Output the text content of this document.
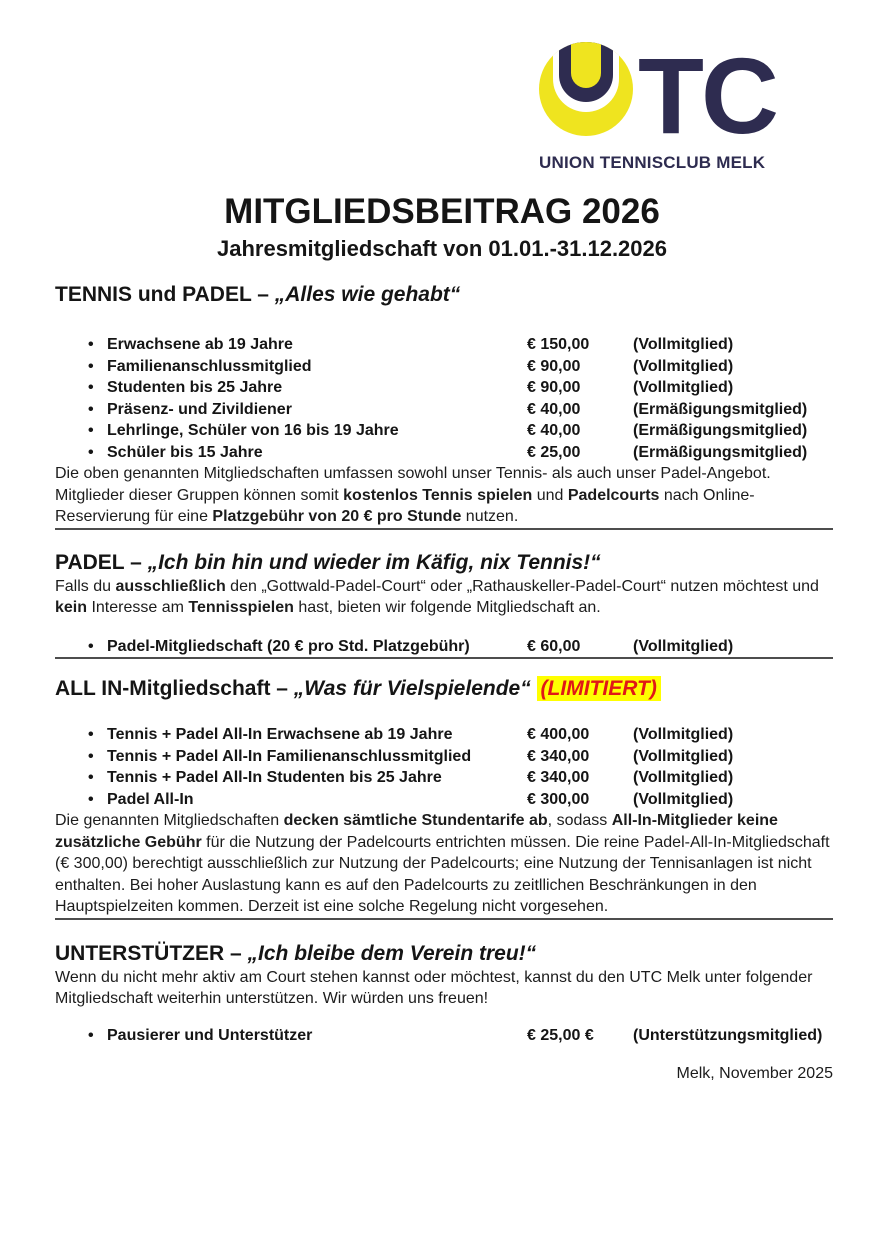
TC
UNION TENNISCLUB MELK
MITGLIEDSBEITRAG 2026
Jahresmitgliedschaft von 01.01.-31.12.2026
TENNIS und PADEL – „Alles wie gehabt“
• Erwachsene ab 19 Jahre	€ 150,00	(Vollmitglied)
• Familienanschlussmitglied	€ 90,00	(Vollmitglied)
• Studenten bis 25 Jahre	€ 90,00	(Vollmitglied)
• Präsenz- und Zivildiener	€ 40,00	(Ermäßigungsmitglied)
• Lehrlinge, Schüler von 16 bis 19 Jahre	€ 40,00	(Ermäßigungsmitglied)
• Schüler bis 15 Jahre	€ 25,00	(Ermäßigungsmitglied)

Die oben genannten Mitgliedschaften umfassen sowohl unser Tennis- als auch unser Padel-Angebot. Mitglieder dieser Gruppen können somit kostenlos Tennis spielen und Padelcourts nach Online-Reservierung für eine Platzgebühr von 20 € pro Stunde nutzen.

PADEL – „Ich bin hin und wieder im Käfig, nix Tennis!“

Falls du ausschließlich den „Gottwald-Padel-Court“ oder „Rathauskeller-Padel-Court“ nutzen möchtest und kein Interesse am Tennisspielen hast, bieten wir folgende Mitgliedschaft an.

• Padel-Mitgliedschaft (20 € pro Std. Platzgebühr)	€ 60,00	(Vollmitglied)
ALL IN-Mitgliedschaft – „Was für Vielspielende“ (LIMITIERT)
• Tennis + Padel All-In Erwachsene ab 19 Jahre	€ 400,00	(Vollmitglied)
• Tennis + Padel All-In Familienanschlussmitglied	€ 340,00	(Vollmitglied)
• Tennis + Padel All-In Studenten bis 25 Jahre	€ 340,00	(Vollmitglied)
• Padel All-In	€ 300,00	(Vollmitglied)

Die genannten Mitgliedschaften decken sämtliche Stundentarife ab, sodass All-In-Mitglieder keine zusätzliche Gebühr für die Nutzung der Padelcourts entrichten müssen. Die reine Padel-All-In-Mitgliedschaft (€ 300,00) berechtigt ausschließlich zur Nutzung der Padelcourts; eine Nutzung der Tennisanlagen ist nicht enthalten. Bei hoher Auslastung kann es auf den Padelcourts zu zeitllichen Beschränkungen in den Hauptspielzeiten kommen. Derzeit ist eine solche Regelung nicht vorgesehen.

UNTERSTÜTZER – „Ich bleibe dem Verein treu!“

Wenn du nicht mehr aktiv am Court stehen kannst oder möchtest, kannst du den UTC Melk unter folgender Mitgliedschaft weiterhin unterstützen. Wir würden uns freuen!

• Pausierer und Unterstützer	€ 25,00 €	(Unterstützungsmitglied)
Melk, November 2025
